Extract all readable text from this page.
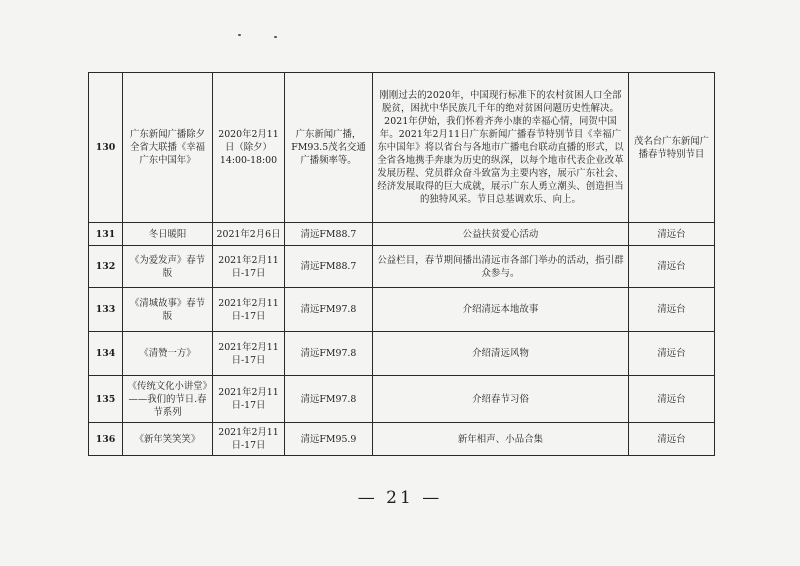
130	广东新闻广播除夕全省大联播《幸福广东中国年》	2020年2月11日（除夕）14:00-18:00	广东新闻广播，FM93.5茂名交通广播频率等。	刚刚过去的2020年，中国现行标准下的农村贫困人口全部脱贫，困扰中华民族几千年的绝对贫困问题历史性解决。2021年伊始，我们怀着齐奔小康的幸福心情，同贺中国年。2021年2月11日广东新闻广播春节特别节目《幸福广东中国年》将以省台与各地市广播电台联动直播的形式，以全省各地携手奔康为历史的纵深，以每个地市代表企业改革发展历程、党员群众奋斗致富为主要内容，展示广东社会、经济发展取得的巨大成就，展示广东人勇立潮头、创造担当的独特风采。节目总基调欢乐、向上。	茂名台广东新闻广播春节特别节目
131	冬日暖阳	2021年2月6日	清远FM88.7	公益扶贫爱心活动	清远台
132	《为爱发声》春节版	2021年2月11日-17日	清远FM88.7	公益栏目，春节期间播出清远市各部门举办的活动，指引群众参与。	清远台
133	《清城故事》春节版	2021年2月11日-17日	清远FM97.8	介绍清远本地故事	清远台
134	《清赞一方》	2021年2月11日-17日	清远FM97.8	介绍清远风物	清远台
135	《传统文化小讲堂》——我们的节日.春节系列	2021年2月11日-17日	清远FM97.8	介绍春节习俗	清远台
136	《新年笑笑笑》	2021年2月11日-17日	清远FM95.9	新年相声、小品合集	清远台
— 21 —
